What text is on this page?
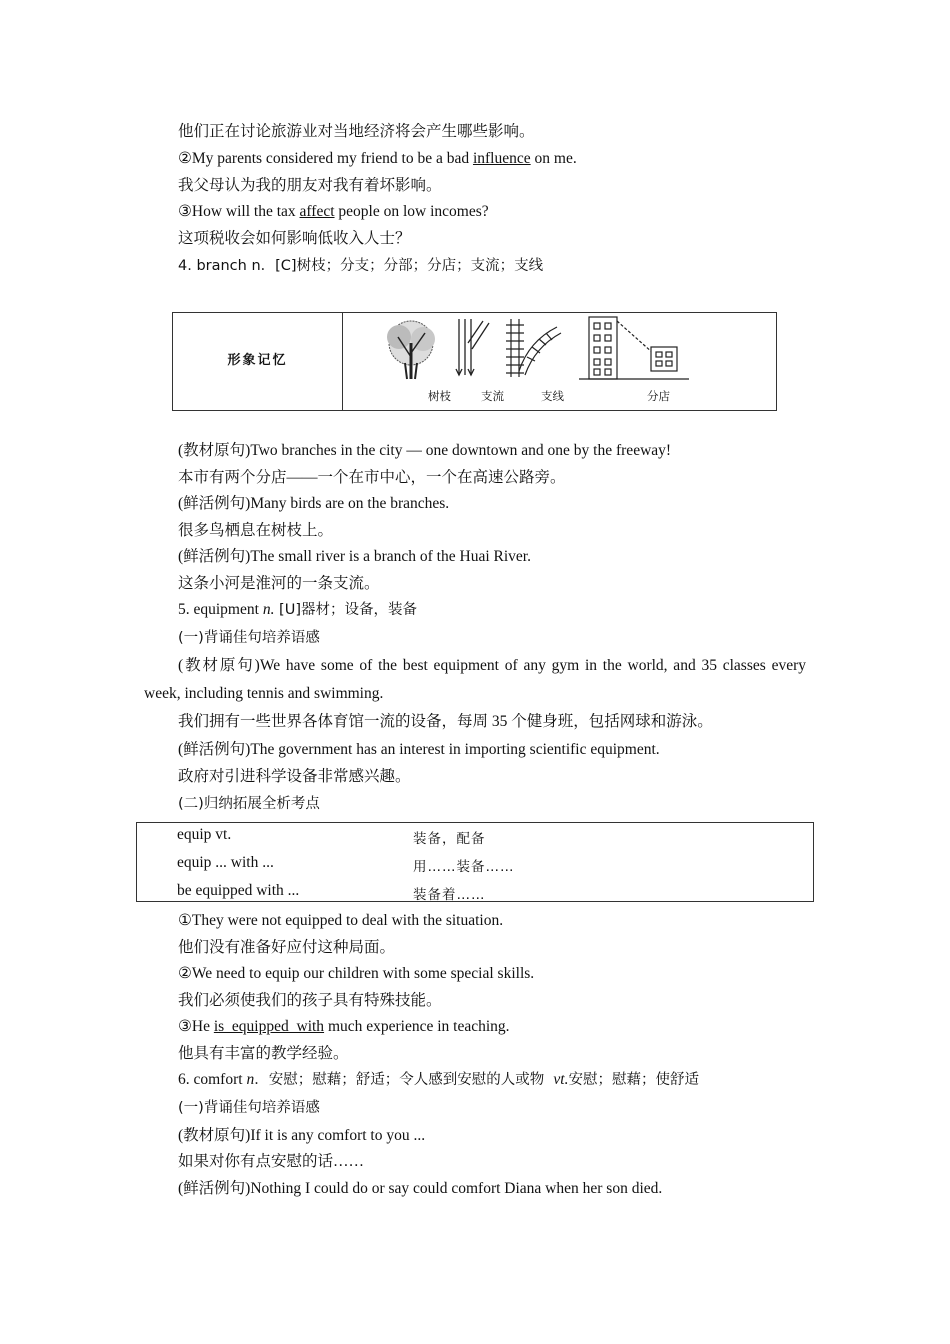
他们正在讨论旅游业对当地经济将会产生哪些影响。
②My parents considered my friend to be a bad influence on me.
我父母认为我的朋友对我有着坏影响。
③How will the tax affect people on low incomes?
这项税收会如何影响低收入人士？
4. branch n．[C]树枝；分支；分部；分店；支流；支线
形象记忆
树枝	支流	支线	分店
(教材原句)Two branches in the city — one downtown and one by the freeway!
本市有两个分店——一个在市中心，一个在高速公路旁。
(鲜活例句)Many birds are on the branches.
很多鸟栖息在树枝上。
(鲜活例句)The small river is a branch of the Huai River.
这条小河是淮河的一条支流。
5. equipment n. [U]器材；设备，装备
(一)背诵佳句培养语感
(教材原句)We have some of the best equipment of any gym in the world, and 35 classes every week, including tennis and swimming.
我们拥有一些世界各体育馆一流的设备，每周 35 个健身班，包括网球和游泳。
(鲜活例句)The government has an interest in importing scientific equipment.
政府对引进科学设备非常感兴趣。
(二)归纳拓展全析考点
equip vt.	装备，配备
equip ... with ...	用……装备……
be equipped with ...	装备着……
①They were not equipped to deal with the situation.
他们没有准备好应付这种局面。
②We need to equip our children with some special skills.
我们必须使我们的孩子具有特殊技能。
③He is  equipped  with much experience in teaching.
他具有丰富的教学经验。
6. comfort n．安慰；慰藉；舒适；令人感到安慰的人或物  vt.安慰；慰藉；使舒适
(一)背诵佳句培养语感
(教材原句)If it is any comfort to you ...
如果对你有点安慰的话……
(鲜活例句)Nothing I could do or say could comfort Diana when her son died.
